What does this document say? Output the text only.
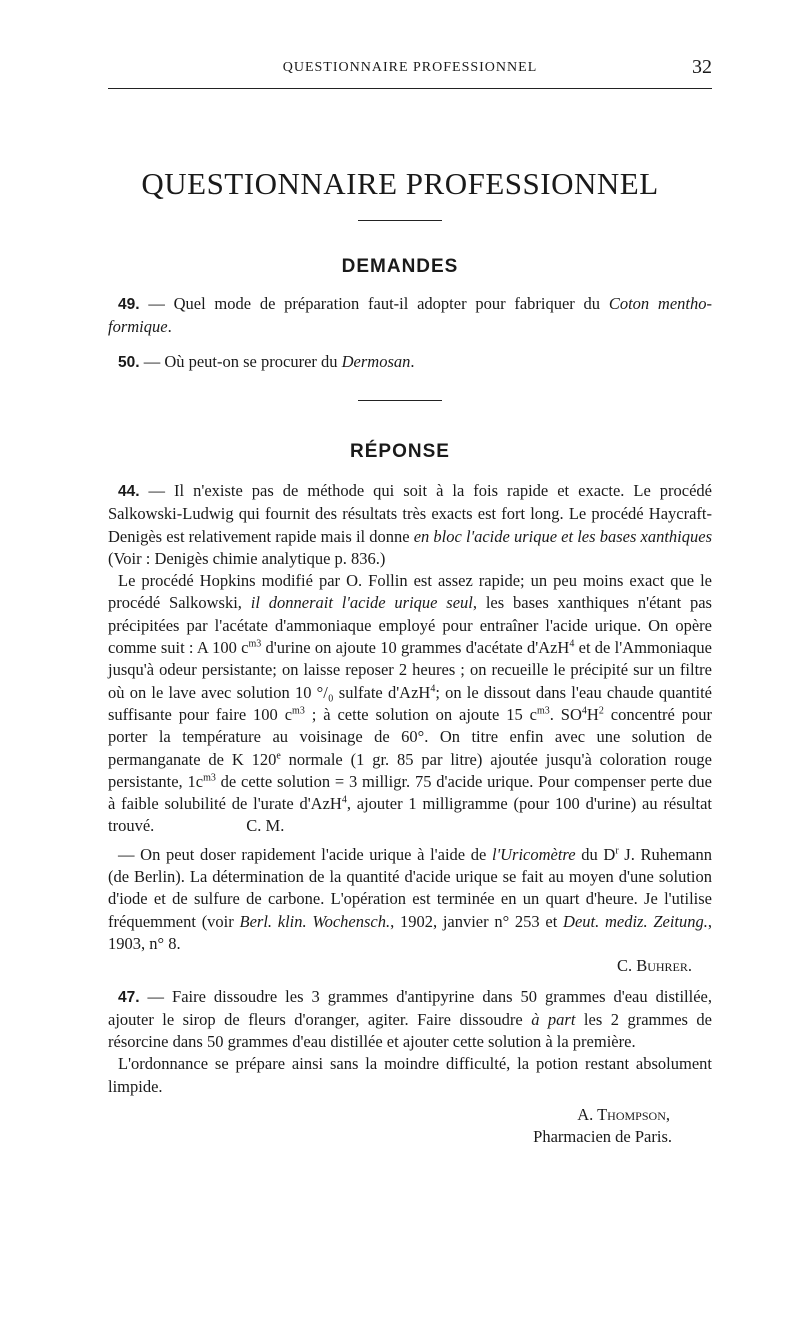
QUESTIONNAIRE PROFESSIONNEL	32
QUESTIONNAIRE PROFESSIONNEL
DEMANDES

49. — Quel mode de préparation faut-il adopter pour fabriquer du Coton mentho-formique.

50. — Où peut-on se procurer du Dermosan.

RÉPONSE

44. — Il n'existe pas de méthode qui soit à la fois rapide et exacte. Le procédé Salkowski-Ludwig qui fournit des résultats très exacts est fort long. Le procédé Haycraft-Denigès est relativement rapide mais il donne en bloc l'acide urique et les bases xanthiques (Voir : Denigès chimie analytique p. 836.)

Le procédé Hopkins modifié par O. Follin est assez rapide; un peu moins exact que le procédé Salkowski, il donnerait l'acide urique seul, les bases xanthiques n'étant pas précipitées par l'acétate d'ammoniaque employé pour entraîner l'acide urique. On opère comme suit : A 100 $c^{m3}$ d'urine on ajoute 10 grammes d'acétate d'AzH$^4$ et de l'Ammoniaque jusqu'à odeur persistante; on laisse reposer 2 heures ; on recueille le précipité sur un filtre où on le lave avec solution 10 °/₀ sulfate d'AzH$^4$; on le dissout dans l'eau chaude quantité suffisante pour faire 100 $c^{m3}$ ; à cette solution on ajoute 15 $c^{m3}$. $SO^4H^2$ concentré pour porter la température au voisinage de 60°. On titre enfin avec une solution de permanganate de K 120e normale (1 gr. 85 par litre) ajoutée jusqu'à coloration rouge persistante, $1c^{m3}$ de cette solution = 3 milligr. 75 d'acide urique. Pour compenser perte due à faible solubilité de l'urate d'AzH$^4$, ajouter 1 milligramme (pour 100 d'urine) au résultat trouvé.	C. M.

— On peut doser rapidement l'acide urique à l'aide de l'Uricomètre du $D^r$ J. Ruhemann (de Berlin). La détermination de la quantité d'acide urique se fait au moyen d'une solution d'iode et de sulfure de carbone. L'opération est terminée en un quart d'heure. Je l'utilise fréquemment (voir Berl. klin. Wochensch., 1902, janvier n° 253 et Deut. mediz. Zeitung., 1903, n° 8.

C. Buhrer.

47. — Faire dissoudre les 3 grammes d'antipyrine dans 50 grammes d'eau distillée, ajouter le sirop de fleurs d'oranger, agiter. Faire dissoudre à part les 2 grammes de résorcine dans 50 grammes d'eau distillée et ajouter cette solution à la première.

L'ordonnance se prépare ainsi sans la moindre difficulté, la potion restant absolument limpide.

A. Thompson,

Pharmacien de Paris.
